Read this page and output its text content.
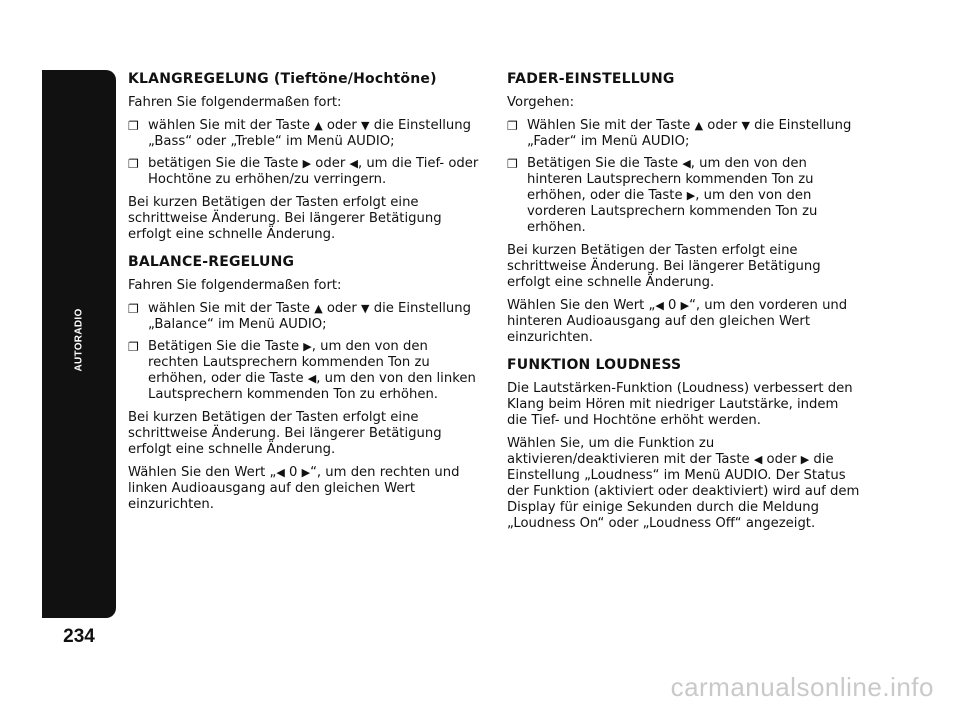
AUTORADIO
234
KLANGREGELUNG (Tieftöne/Hochtöne)

Fahren Sie folgendermaßen fort:

❐ wählen Sie mit der Taste ▲ oder ▼ die Einstellung „Bass“ oder „Treble“ im Menü AUDIO;
❐ betätigen Sie die Taste ▶ oder ◀, um die Tief- oder Hochtöne zu erhöhen/zu verringern.

Bei kurzen Betätigen der Tasten erfolgt eine schrittweise Änderung. Bei längerer Betätigung erfolgt eine schnelle Änderung.

BALANCE-REGELUNG

Fahren Sie folgendermaßen fort:

❐ wählen Sie mit der Taste ▲ oder ▼ die Einstellung „Balance“ im Menü AUDIO;
❐ Betätigen Sie die Taste ▶, um den von den rechten Lautsprechern kommenden Ton zu erhöhen, oder die Taste ◀, um den von den linken Lautsprechern kommenden Ton zu erhöhen.

Bei kurzen Betätigen der Tasten erfolgt eine schrittweise Änderung. Bei längerer Betätigung erfolgt eine schnelle Änderung.

Wählen Sie den Wert „◀ 0 ▶“, um den rechten und linken Audioausgang auf den gleichen Wert einzurichten.

FADER-EINSTELLUNG

Vorgehen:

❐ Wählen Sie mit der Taste ▲ oder ▼ die Einstellung „Fader“ im Menü AUDIO;
❐ Betätigen Sie die Taste ◀, um den von den hinteren Lautsprechern kommenden Ton zu erhöhen, oder die Taste ▶, um den von den vorderen Lautsprechern kommenden Ton zu erhöhen.

Bei kurzen Betätigen der Tasten erfolgt eine schrittweise Änderung. Bei längerer Betätigung erfolgt eine schnelle Änderung.

Wählen Sie den Wert „◀ 0 ▶“, um den vorderen und hinteren Audioausgang auf den gleichen Wert einzurichten.

FUNKTION LOUDNESS

Die Lautstärken-Funktion (Loudness) verbessert den Klang beim Hören mit niedriger Lautstärke, indem die Tief- und Hochtöne erhöht werden.

Wählen Sie, um die Funktion zu aktivieren/deaktivieren mit der Taste ◀ oder ▶ die Einstellung „Loudness“ im Menü AUDIO. Der Status der Funktion (aktiviert oder deaktiviert) wird auf dem Display für einige Sekunden durch die Meldung „Loudness On“ oder „Loudness Off“ angezeigt.

carmanualsonline.info
